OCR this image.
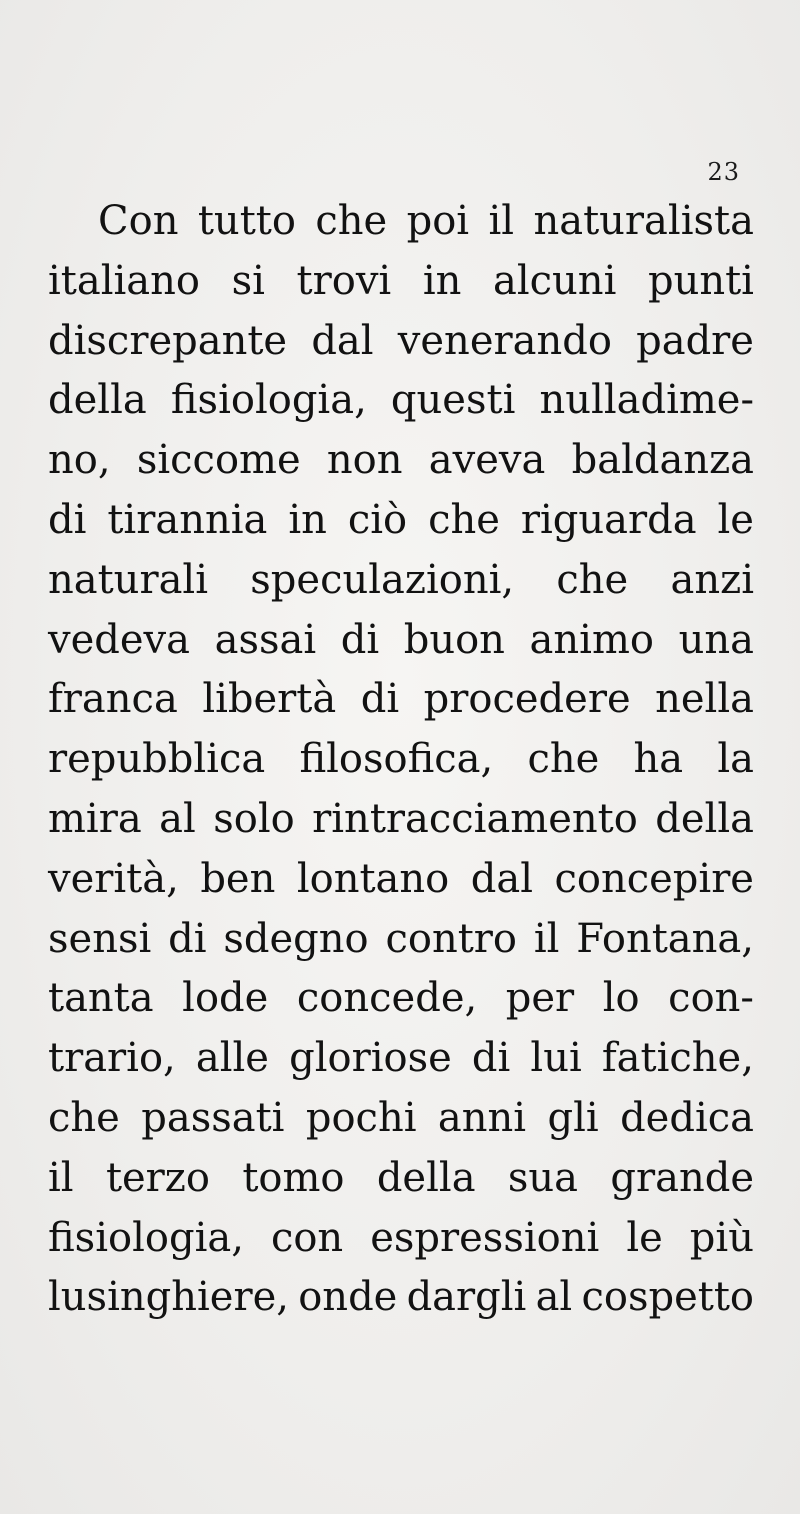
23
Con tutto che poi il naturalista
italiano si trovi in alcuni punti
discrepante dal venerando padre
della fisiologia, questi nulladime-
no, siccome non aveva baldanza
di tirannia in ciò che riguarda le
naturali speculazioni, che anzi
vedeva assai di buon animo una
franca libertà di procedere nella
repubblica filosofica, che ha la
mira al solo rintracciamento della
verità, ben lontano dal concepire
sensi di sdegno contro il Fontana,
tanta lode concede, per lo con-
trario, alle gloriose di lui fatiche,
che passati pochi anni gli dedica
il terzo tomo della sua grande
fisiologia, con espressioni le più
lusinghiere, onde dargli al cospetto
